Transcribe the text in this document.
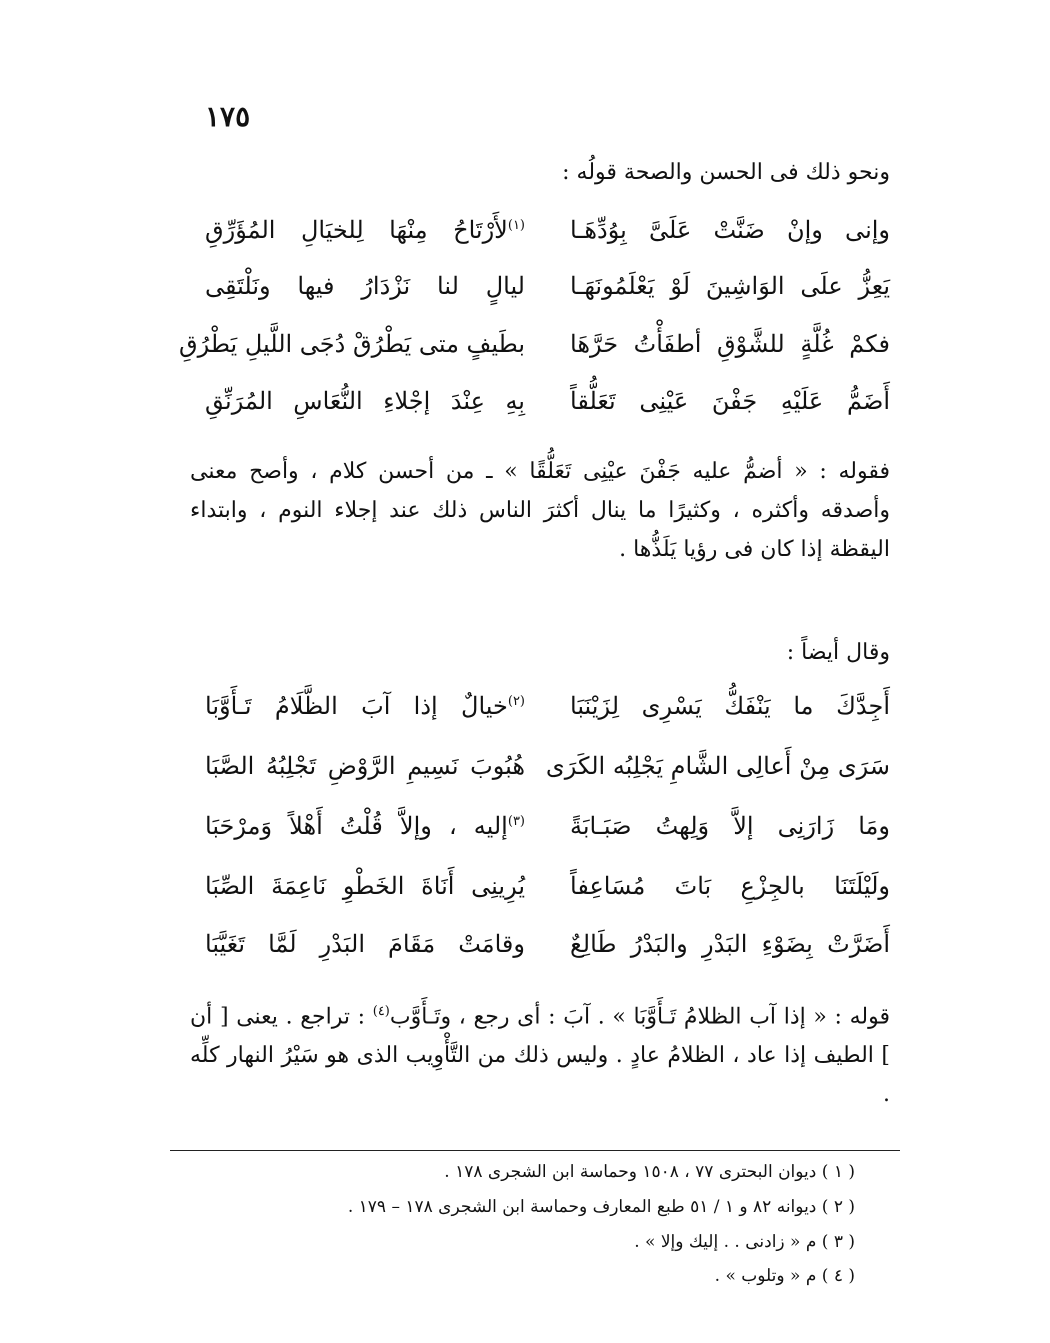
١٧٥
ونحو ذلك فى الحسن والصحة قولُه :
وإنى وإنْ ضَنَّتْ عَلَىَّ بِوُدِّهَـا
$^{(١)}$لأَرْتَاحُ مِنْهَا لِلخيَالِ المُؤَرِّقِ
يَعِزُّ علَى الوَاشِينَ لَوْ يَعْلَمُونَهَـا
ليالٍ لنا نَزْدَارُ فيها ونَلْتَقِى
فكمْ غُلَّةٍ للشَّوْقِ أطفَأْتُ حَرَّهَا
بطَيفٍ متى يَطْرُقْ دُجَى اللَّيلِ يَطْرُقِ
أَضَمُّ عَلَيْهِ جَفْنَ عَيْنِى تَعَلُّقاً
بِهِ عِنْدَ إجْلاءِ النُّعَاسِ المُرَنِّقِ
فقوله : « أضمُّ عليه جَفْنَ عيْنِى تَعَلُّقًا » ـ من أحسن كلام ، وأصح معنى وأصدقه وأكثره ، وكثيرًا ما ينال أكثرَ الناس ذلك عند إجلاء النوم ، وابتداء اليقظة إذا كان فى رؤيا يَلَذُّها .
وقال أيضاً :
أَجِدَّكَ ما يَنْفَكُّ يَسْرِى لِزَيْنَبَا
$^{(٢)}$خيالٌ إذا آبَ الظَّلَامُ تَـأَوَّبَا
سَرَى مِنْ أَعالِى الشَّامِ يَجْلِبُه الكَرَى
هُبُوبَ نَسِيمِ الرَّوْضِ تَجْلِبُهُ الصَّبَا
ومَا زَارَنِى إلاَّ وَلِهتُ صَبَـابَةً
$^{(٣)}$إليه ، وإلاَّ قُلْتُ أَهْلاً وَمرْحَبَا
ولَيْلَتَنَا بالجِزْعِ بَاتَ مُسَاعِفاً
يُرِينِى أَنَاةَ الخَطْوِ نَاعِمَةَ الصِّبَا
أَضَرَّتْ بِضَوْءِ البَدْرِ والبَدْرُ طَالِعٌ
وقامَتْ مَقَامَ البَدْرِ لَمَّا تَغَيَّبَا
قوله : « إذا آب الظلامُ تَـأَوَّبَا » . آبَ : أى رجع ، وتَـأَوَّب$^{(٤)}$ : تراجع . يعنى [ أن ] الطيف إذا عاد ، الظلامُ عادٍ . وليس ذلك من التَّأْوِيب الذى هو سَيْرُ النهار كلِّه .
( ١ ) ديوان البحترى ٧٧ ، ١٥٠٨ وحماسة ابن الشجرى ١٧٨ .
( ٢ ) ديوانه ٨٢ و ١ / ٥١ طبع المعارف وحماسة ابن الشجرى ١٧٨ – ١٧٩ .
( ٣ ) م « زادنى . . إليك وإلا » .
( ٤ ) م « وتلوب » .
